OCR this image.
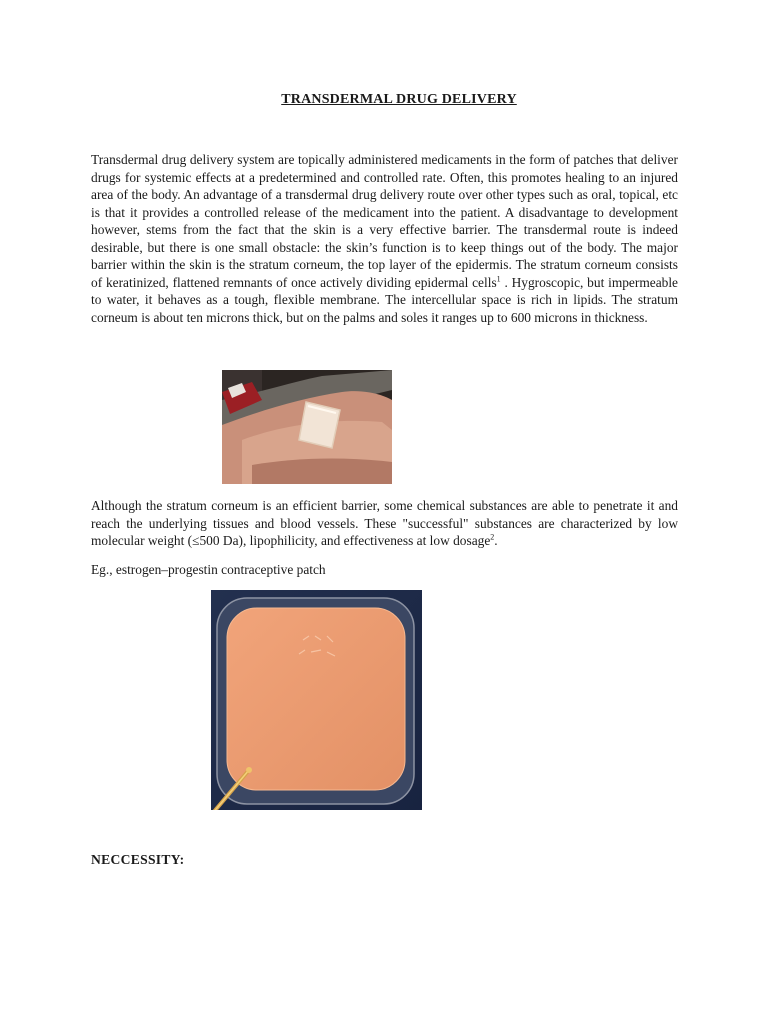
TRANSDERMAL DRUG DELIVERY

Transdermal drug delivery system are topically administered medicaments in the form of patches that deliver drugs for systemic effects at a predetermined and controlled rate. Often, this promotes healing to an injured area of the body. An advantage of a transdermal drug delivery route over other types such as oral, topical, etc is that it provides a controlled release of the medicament into the patient. A disadvantage to development however, stems from the fact that the skin is a very effective barrier. The transdermal route is indeed desirable, but there is one small obstacle: the skin’s function is to keep things out of the body. The major barrier within the skin is the stratum corneum, the top layer of the epidermis. The stratum corneum consists of keratinized, flattened remnants of once actively dividing epidermal cells$^1$ . Hygroscopic, but impermeable to water, it behaves as a tough, flexible membrane. The intercellular space is rich in lipids. The stratum corneum is about ten microns thick, but on the palms and soles it ranges up to 600 microns in thickness.

Although the stratum corneum is an efficient barrier, some chemical substances are able to penetrate it and reach the underlying tissues and blood vessels. These "successful" substances are characterized by low molecular weight (≤500 Da), lipophilicity, and effectiveness at low dosage$^2$.

Eg., estrogen–progestin contraceptive patch
NECCESSITY:
